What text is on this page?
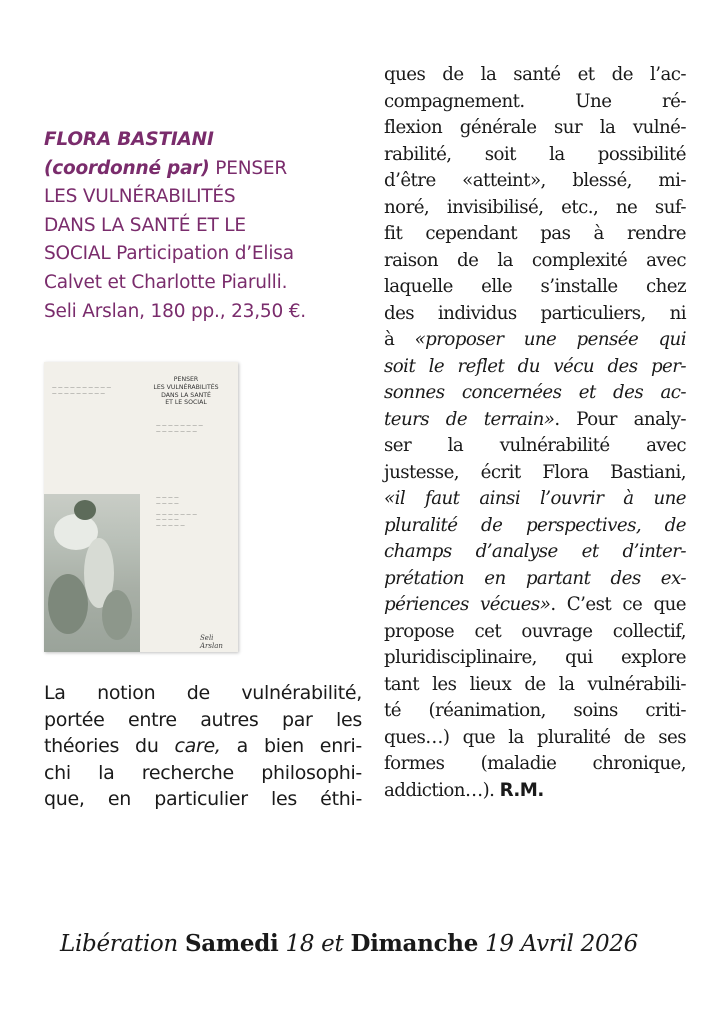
FLORA BASTIANI
(coordonné par) PENSER
LES VULNÉRABILITÉS
DANS LA SANTÉ ET LE
SOCIAL Participation d’Elisa
Calvet et Charlotte Piarulli.
Seli Arslan, 180 pp., 23,50 €.
— — — — — — — — — —
— — — — — — — — —
PENSER
LES VULNÉRABILITÉS
DANS LA SANTÉ
ET LE SOCIAL
— — — — — — — —
— — — — — — —
— — — —
— — — —

— — — — — — —
— — — —
— — — — —
Seli Arslan
La notion de vulnérabilité,
portée entre autres par les
théories du care, a bien enri-
chi la recherche philosophi-
que, en particulier les éthi-
ques de la santé et de l’ac-
compagnement. Une ré-
flexion générale sur la vulné-
rabilité, soit la possibilité
d’être «atteint», blessé, mi-
noré, invisibilisé, etc., ne suf-
fit cependant pas à rendre
raison de la complexité avec
laquelle elle s’installe chez
des individus particuliers, ni
à «proposer une pensée qui
soit le reflet du vécu des per-
sonnes concernées et des ac-
teurs de terrain». Pour analy-
ser la vulnérabilité avec
justesse, écrit Flora Bastiani,
«il faut ainsi l’ouvrir à une
pluralité de perspectives, de
champs d’analyse et d’inter-
prétation en partant des ex-
périences vécues». C’est ce que
propose cet ouvrage collectif,
pluridisciplinaire, qui explore
tant les lieux de la vulnérabili-
té (réanimation, soins criti-
ques…) que la pluralité de ses
formes (maladie chronique,
addiction…). R.M.
Libération Samedi 18 et Dimanche 19 Avril 2026
